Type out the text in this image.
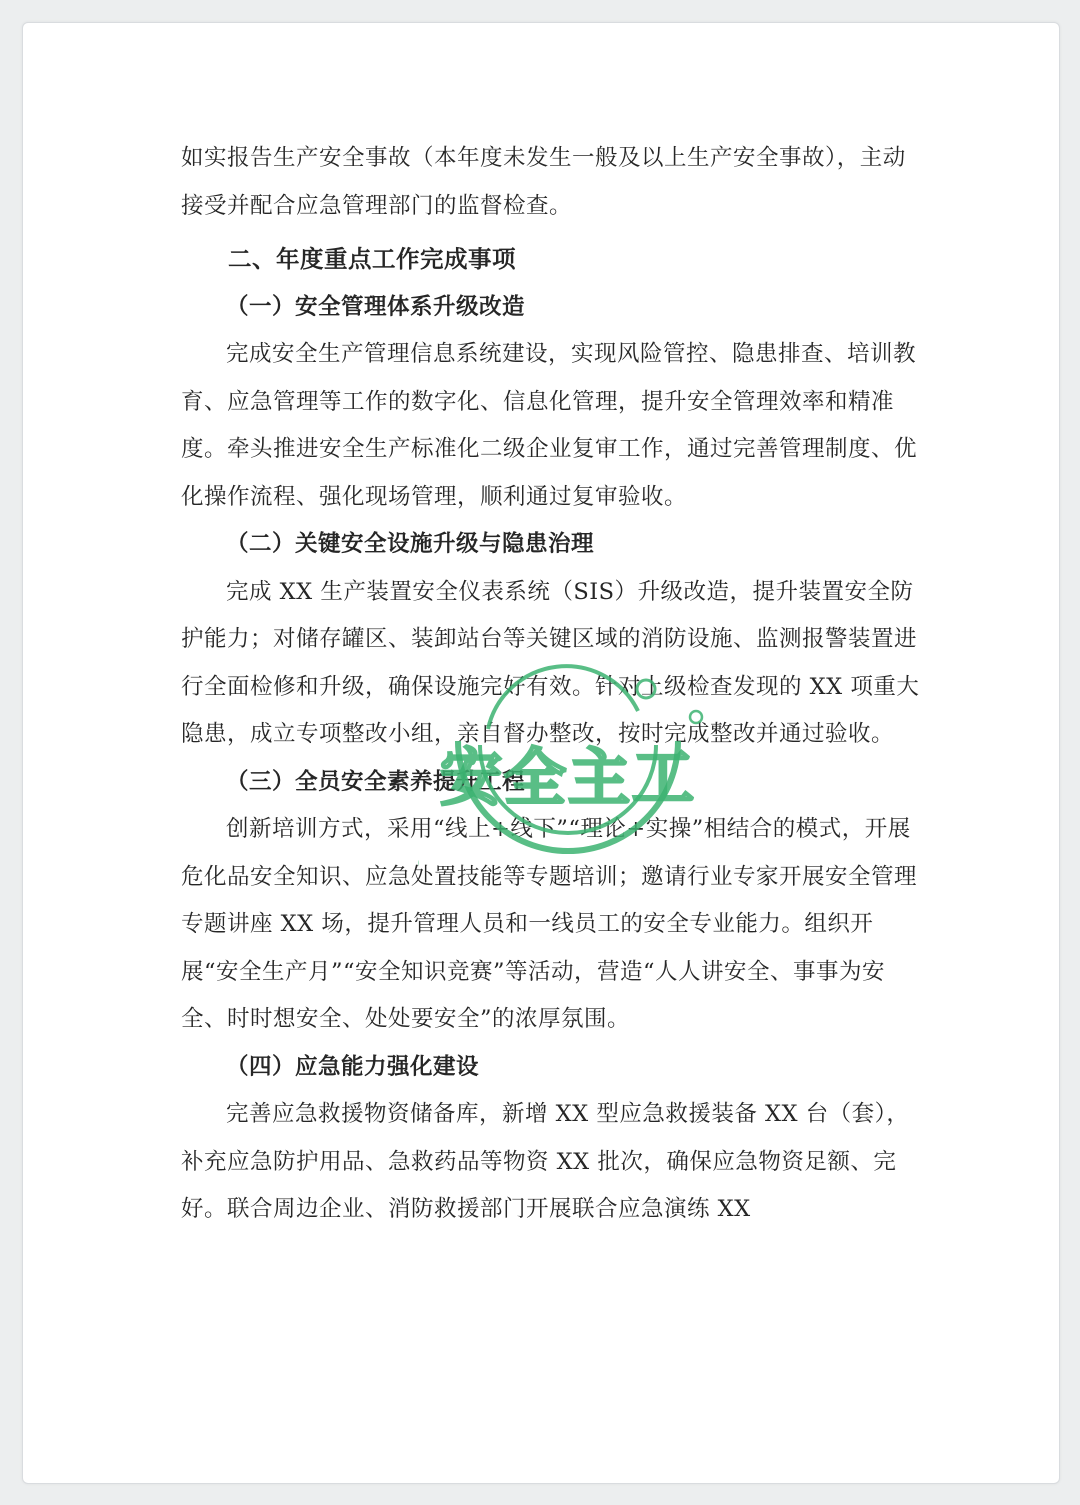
如实报告生产安全事故（本年度未发生一般及以上生产安全事故），主动接受并配合应急管理部门的监督检查。

二、年度重点工作完成事项

（一）安全管理体系升级改造

完成安全生产管理信息系统建设，实现风险管控、隐患排查、培训教育、应急管理等工作的数字化、信息化管理，提升安全管理效率和精准度。牵头推进安全生产标准化二级企业复审工作，通过完善管理制度、优化操作流程、强化现场管理，顺利通过复审验收。

（二）关键安全设施升级与隐患治理

完成 XX 生产装置安全仪表系统（SIS）升级改造，提升装置安全防护能力；对储存罐区、装卸站台等关键区域的消防设施、监测报警装置进行全面检修和升级，确保设施完好有效。针对上级检查发现的 XX 项重大隐患，成立专项整改小组，亲自督办整改，按时完成整改并通过验收。

（三）全员安全素养提升工程

创新培训方式，采用“线上+线下”“理论+实操”相结合的模式，开展危化品安全知识、应急处置技能等专题培训；邀请行业专家开展安全管理专题讲座 XX 场，提升管理人员和一线员工的安全专业能力。组织开展“安全生产月”“安全知识竞赛”等活动，营造“人人讲安全、事事为安全、时时想安全、处处要安全”的浓厚氛围。

（四）应急能力强化建设

完善应急救援物资储备库，新增 XX 型应急救援装备 XX 台（套），补充应急防护用品、急救药品等物资 XX 批次，确保应急物资足额、完好。联合周边企业、消防救援部门开展联合应急演练 XX

安全主工
